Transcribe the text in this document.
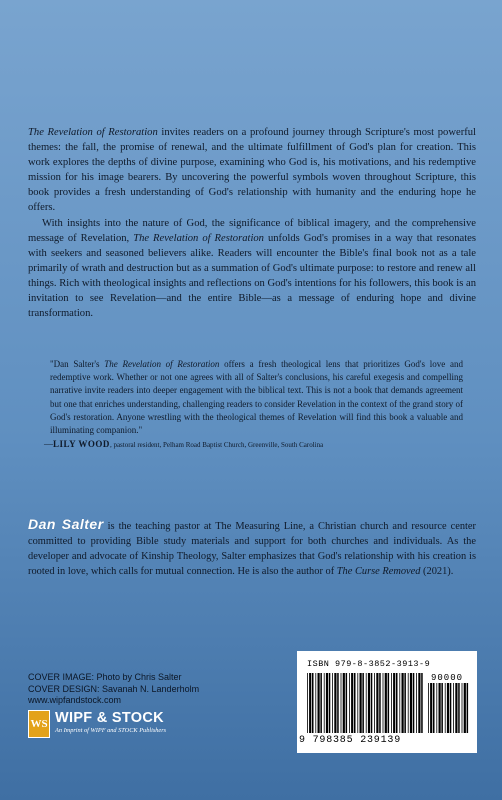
The Revelation of Restoration invites readers on a profound journey through Scripture's most powerful themes: the fall, the promise of renewal, and the ultimate fulfillment of God's plan for creation. This work explores the depths of divine purpose, examining who God is, his motivations, and his redemptive mission for his image bearers. By uncovering the powerful symbols woven throughout Scripture, this book provides a fresh understanding of God's relationship with humanity and the enduring hope he offers.

With insights into the nature of God, the significance of biblical imagery, and the comprehensive message of Revelation, The Revelation of Restoration unfolds God's promises in a way that resonates with seekers and seasoned believers alike. Readers will encounter the Bible's final book not as a tale primarily of wrath and destruction but as a summation of God's ultimate purpose: to restore and renew all things. Rich with theological insights and reflections on God's intentions for his followers, this book is an invitation to see Revelation—and the entire Bible—as a message of enduring hope and divine transformation.

"Dan Salter's The Revelation of Restoration offers a fresh theological lens that prioritizes God's love and redemptive work. Whether or not one agrees with all of Salter's conclusions, his careful exegesis and compelling narrative invite readers into deeper engagement with the biblical text. This is not a book that demands agreement but one that enriches understanding, challenging readers to consider Revelation in the context of the grand story of God's restoration. Anyone wrestling with the theological themes of Revelation will find this book a valuable and illuminating companion."
—LILY WOOD, pastoral resident, Pelham Road Baptist Church, Greenville, South Carolina
Dan Salter is the teaching pastor at The Measuring Line, a Christian church and resource center committed to providing Bible study materials and support for both churches and individuals. As the developer and advocate of Kinship Theology, Salter emphasizes that God's relationship with his creation is rooted in love, which calls for mutual connection. He is also the author of The Curse Removed (2021).
COVER IMAGE: Photo by Chris Salter
COVER DESIGN: Savanah N. Landerholm
www.wipfandstock.com
WS WIPF & STOCK
An Imprint of WIPF and STOCK Publishers
ISBN 979-8-3852-3913-9
90000
9 798385 239139
